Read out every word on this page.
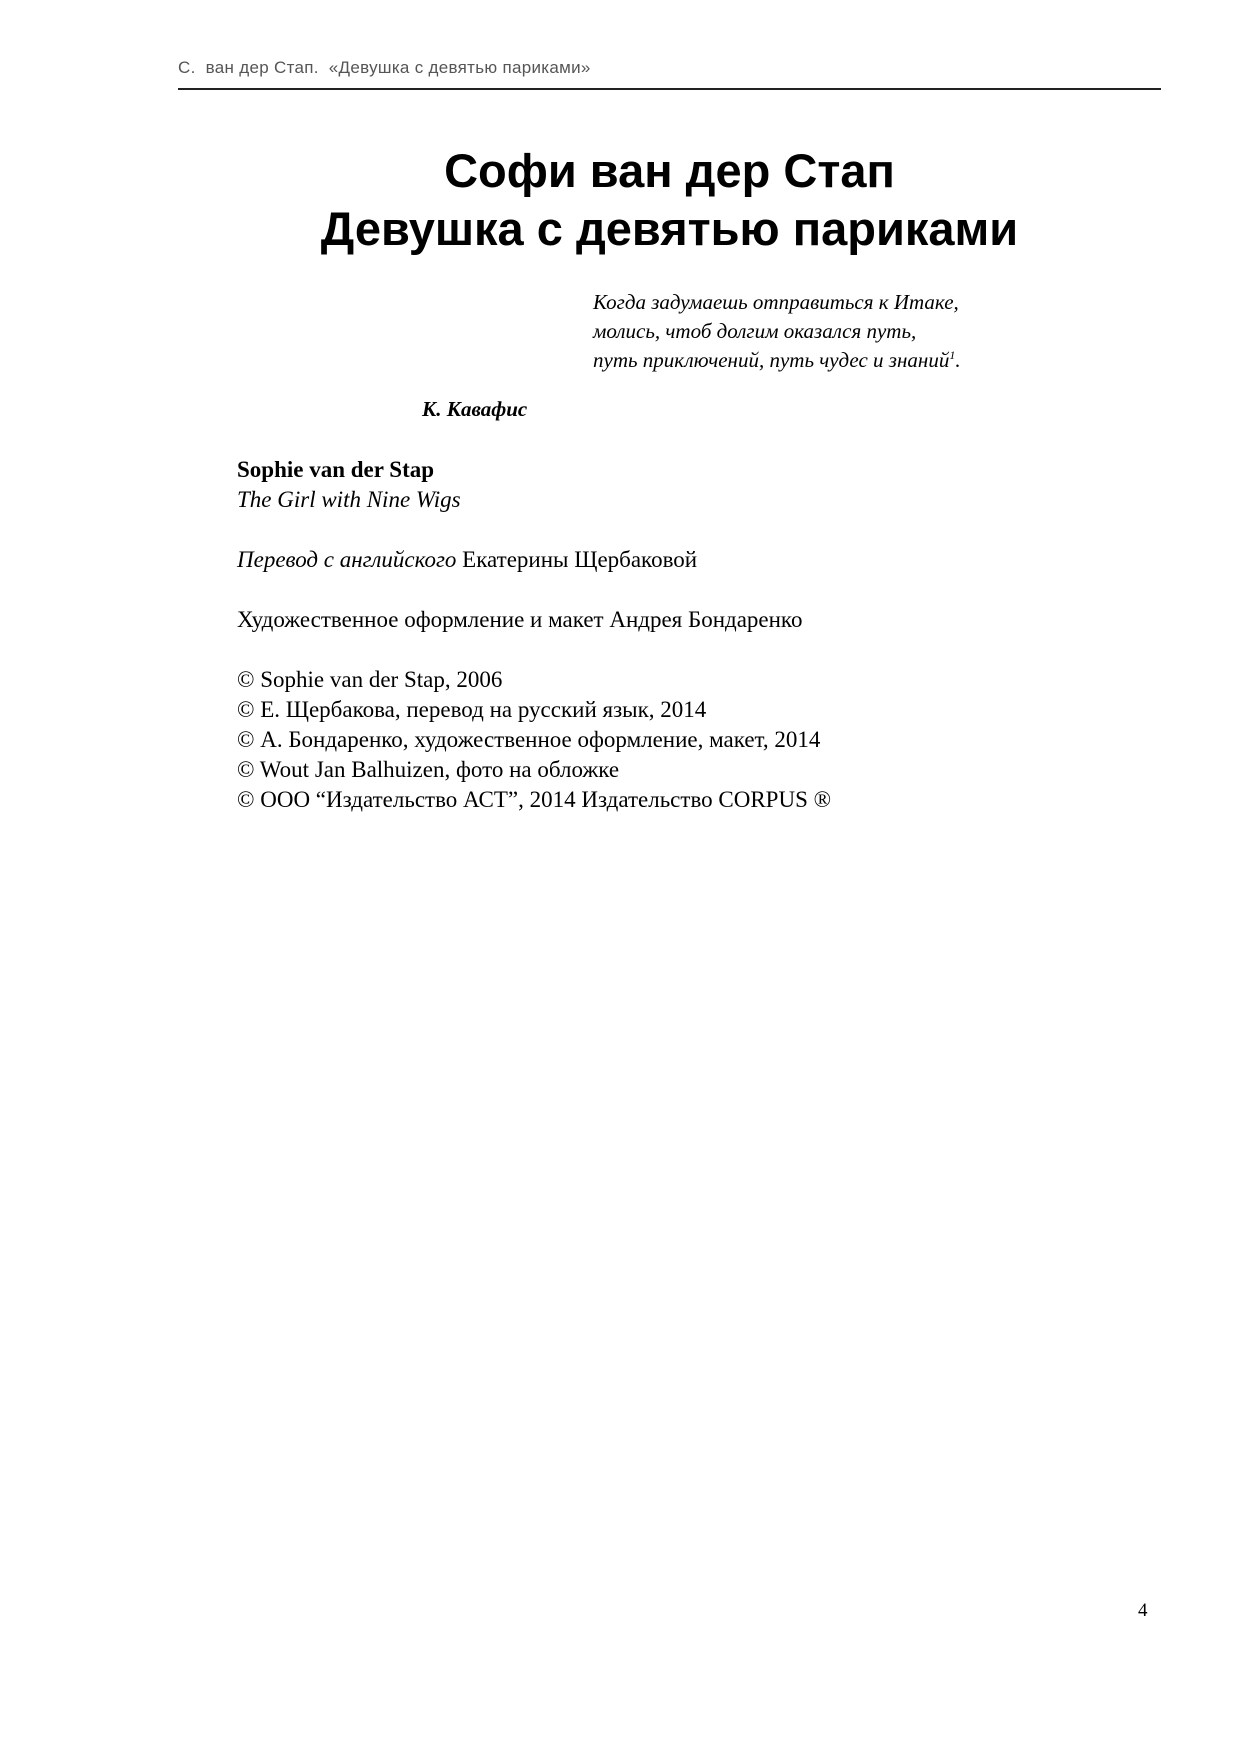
С.  ван дер Стап.  «Девушка с девятью париками»
Софи ван дер Стап
Девушка с девятью париками
Когда задумаешь отправиться к Итаке,
молись, чтоб долгим оказался путь,
путь приключений, путь чудес и знаний$^1$.
К. Кавафис
Sophie van der Stap
The Girl with Nine Wigs
Перевод с английского Екатерины Щербаковой
Художественное оформление и макет Андрея Бондаренко
© Sophie van der Stap, 2006
© Е. Щербакова, перевод на русский язык, 2014
© А. Бондаренко, художественное оформление, макет, 2014
© Wout Jan Balhuizen, фото на обложке
© ООО “Издательство АСТ”, 2014 Издательство CORPUS ®
4
